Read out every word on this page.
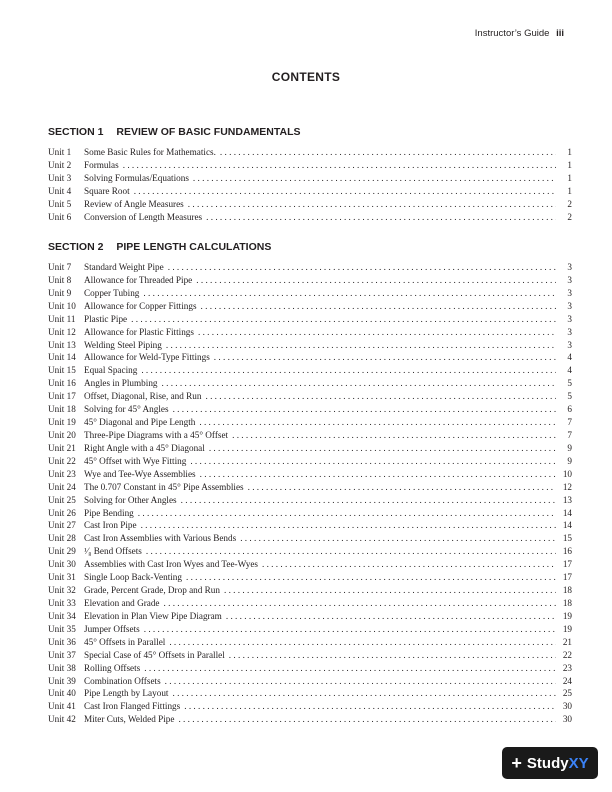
Instructor’s Guide iii
CONTENTS
SECTION 1 REVIEW OF BASIC FUNDAMENTALS
Unit 1	Some Basic Rules for Mathematics. . . .	1
Unit 2	Formulas . . .	1
Unit 3	Solving Formulas/Equations . . .	1
Unit 4	Square Root . . .	1
Unit 5	Review of Angle Measures . . .	2
Unit 6	Conversion of Length Measures . . .	2
SECTION 2 PIPE LENGTH CALCULATIONS
Unit 7	Standard Weight Pipe . . .	3
Unit 8	Allowance for Threaded Pipe . . .	3
Unit 9	Copper Tubing . . .	3
Unit 10 Allowance for Copper Fittings . . .	3
Unit 11 Plastic Pipe . . .	3
Unit 12 Allowance for Plastic Fittings . . .	3
Unit 13 Welding Steel Piping . . .	3
Unit 14 Allowance for Weld-Type Fittings . . .	4
Unit 15 Equal Spacing . . .	4
Unit 16 Angles in Plumbing . . .	5
Unit 17 Offset, Diagonal, Rise, and Run . . .	5
Unit 18 Solving for 45° Angles . . .	6
Unit 19 45° Diagonal and Pipe Length . . .	7
Unit 20 Three-Pipe Diagrams with a 45° Offset . . .	7
Unit 21 Right Angle with a 45° Diagonal . . .	9
Unit 22 45° Offset with Wye Fitting . . .	9
Unit 23 Wye and Tee-Wye Assemblies . . .	10
Unit 24 The 0.707 Constant in 45° Pipe Assemblies . . .	12
Unit 25 Solving for Other Angles . . .	13
Unit 26 Pipe Bending . . .	14
Unit 27 Cast Iron Pipe . . .	14
Unit 28 Cast Iron Assemblies with Various Bends . . .	15
Unit 29 ¹⁄₈ Bend Offsets . . .	16
Unit 30 Assemblies with Cast Iron Wyes and Tee-Wyes . . .	17
Unit 31 Single Loop Back-Venting . . .	17
Unit 32 Grade, Percent Grade, Drop and Run . . .	18
Unit 33 Elevation and Grade . . .	18
Unit 34 Elevation in Plan View Pipe Diagram . . .	19
Unit 35 Jumper Offsets . . .	19
Unit 36 45° Offsets in Parallel . . .	21
Unit 37 Special Case of 45° Offsets in Parallel . . .	22
Unit 38 Rolling Offsets . . .	23
Unit 39 Combination Offsets . . .	24
Unit 40 Pipe Length by Layout . . .	25
Unit 41 Cast Iron Flanged Fittings . . .	30
Unit 42 Miter Cuts, Welded Pipe . . .	30
+ StudyXY
